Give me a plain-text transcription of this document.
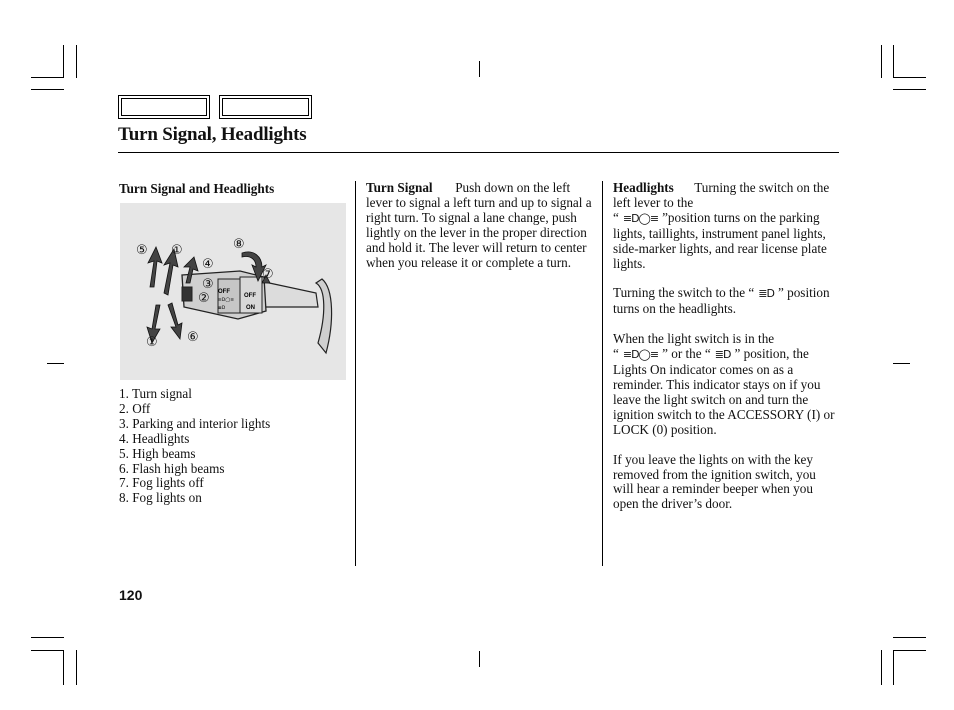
Turn Signal, Headlights
Turn Signal and Headlights
OFF
≡D◯≡
≣D
OFF
ON
⑤ ①
④
⑧
⑦
③
②
① ⑥
1. Turn signal
2. Off
3. Parking and interior lights
4. Headlights
5. High beams
6. Flash high beams
7. Fog lights off
8. Fog lights on
Turn Signal Push down on the left lever to signal a left turn and up to signal a right turn. To signal a lane change, push lightly on the lever in the proper direction and hold it. The lever will return to center when you release it or complete a turn.

Headlights Turning the switch on the left lever to the
“ ≡D◯≡ ”position turns on the parking lights, taillights, instrument panel lights, side-marker lights, and rear license plate lights.

Turning the switch to the “ ≣D ” position turns on the headlights.

When the light switch is in the
“ ≡D◯≡ ” or the “ ≣D ” position, the Lights On indicator comes on as a reminder. This indicator stays on if you leave the light switch on and turn the ignition switch to the ACCESSORY (I) or LOCK (0) position.

If you leave the lights on with the key removed from the ignition switch, you will hear a reminder beeper when you open the driver’s door.

120
